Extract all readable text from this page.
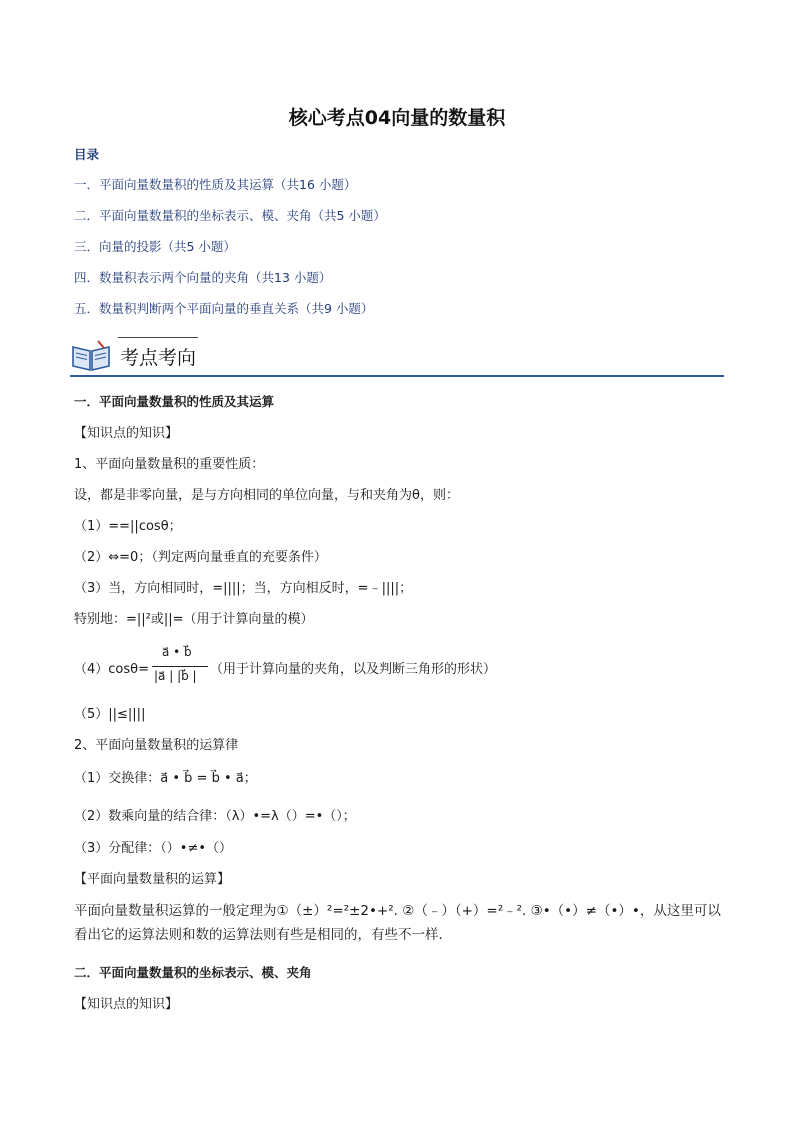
核心考点04向量的数量积
目录
一．平面向量数量积的性质及其运算（共16 小题）
二．平面向量数量积的坐标表示、模、夹角（共5 小题）
三．向量的投影（共5 小题）
四．数量积表示两个向量的夹角（共13 小题）
五．数量积判断两个平面向量的垂直关系（共9 小题）
考点考向
一．平面向量数量积的性质及其运算
【知识点的知识】
1、平面向量数量积的重要性质：
设，都是非零向量，是与方向相同的单位向量，与和夹角为θ，则：
（1）==||cosθ；
（2）⇔=0；（判定两向量垂直的充要条件）
（3）当，方向相同时，=||||；当，方向相反时，=﹣||||；
特别地：=||²或||=（用于计算向量的模）
（4）cosθ=
a⃗ • b⃗
|a⃗ | |b⃗ | （用于计算向量的夹角，以及判断三角形的形状）
（5）||≤||||
2、平面向量数量积的运算律
（1）交换律：a⃗ • b⃗ = b⃗ • a⃗；
（2）数乘向量的结合律：（λ）•=λ（）=•（）；
（3）分配律：（）•≠•（）
【平面向量数量积的运算】
平面向量数量积运算的一般定理为①（±）²=²±2•+². ②（﹣）（+）=²﹣². ③•（•）≠（•）•，从这里可以看出它的运算法则和数的运算法则有些是相同的，有些不一样．
二．平面向量数量积的坐标表示、模、夹角
【知识点的知识】
